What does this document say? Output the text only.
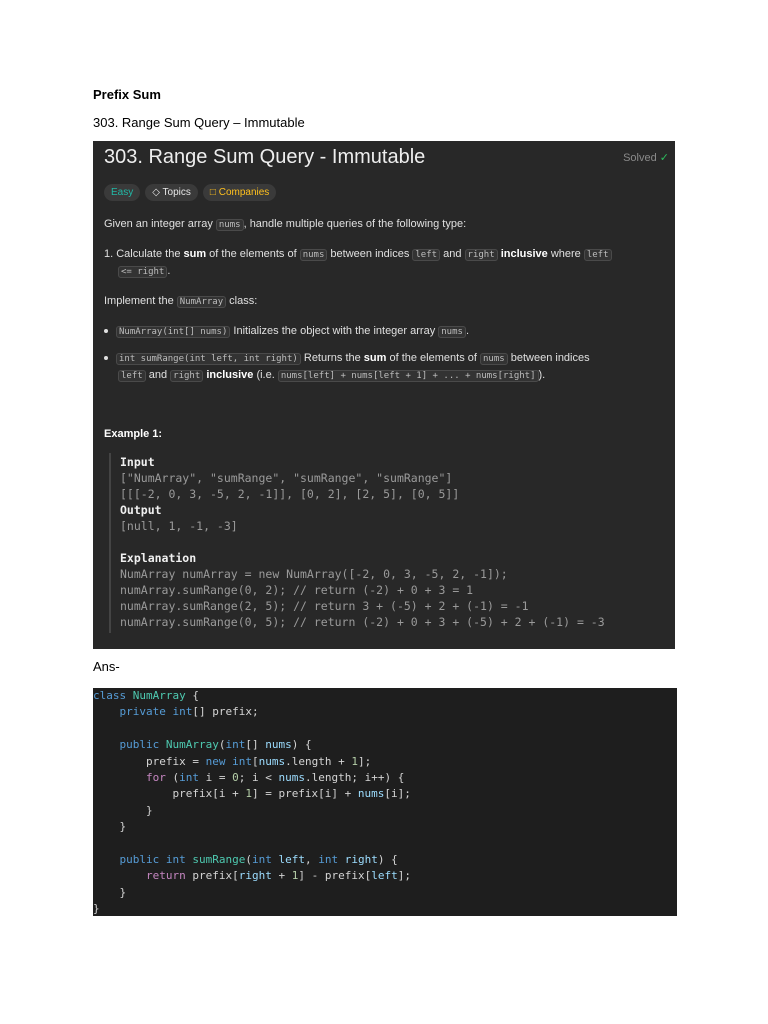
Prefix Sum
303. Range Sum Query – Immutable
303. Range Sum Query - Immutable	Solved ✓
Easy	◇ Topics	□ Companies
Given an integer array nums , handle multiple queries of the following type:
1. Calculate the sum of the elements of nums between indices left and right inclusive where left
<= right .
Implement the NumArray class:
NumArray(int[] nums) Initializes the object with the integer array nums .
int sumRange(int left, int right) Returns the sum of the elements of nums between indices
left and right inclusive (i.e. nums[left] + nums[left + 1] + ... + nums[right] ).
Example 1:
Input
["NumArray", "sumRange", "sumRange", "sumRange"]
[[[-2, 0, 3, -5, 2, -1]], [0, 2], [2, 5], [0, 5]]
Output
[null, 1, -1, -3]
Explanation
NumArray numArray = new NumArray([-2, 0, 3, -5, 2, -1]);
numArray.sumRange(0, 2); // return (-2) + 0 + 3 = 1
numArray.sumRange(2, 5); // return 3 + (-5) + 2 + (-1) = -1
numArray.sumRange(0, 5); // return (-2) + 0 + 3 + (-5) + 2 + (-1) = -3
Ans-
class NumArray {
private int[] prefix;
public NumArray(int[] nums) {
prefix = new int[nums.length + 1];
for (int i = 0; i < nums.length; i++) {
prefix[i + 1] = prefix[i] + nums[i];
}
}
public int sumRange(int left, int right) {
return prefix[right + 1] - prefix[left];
}
}
